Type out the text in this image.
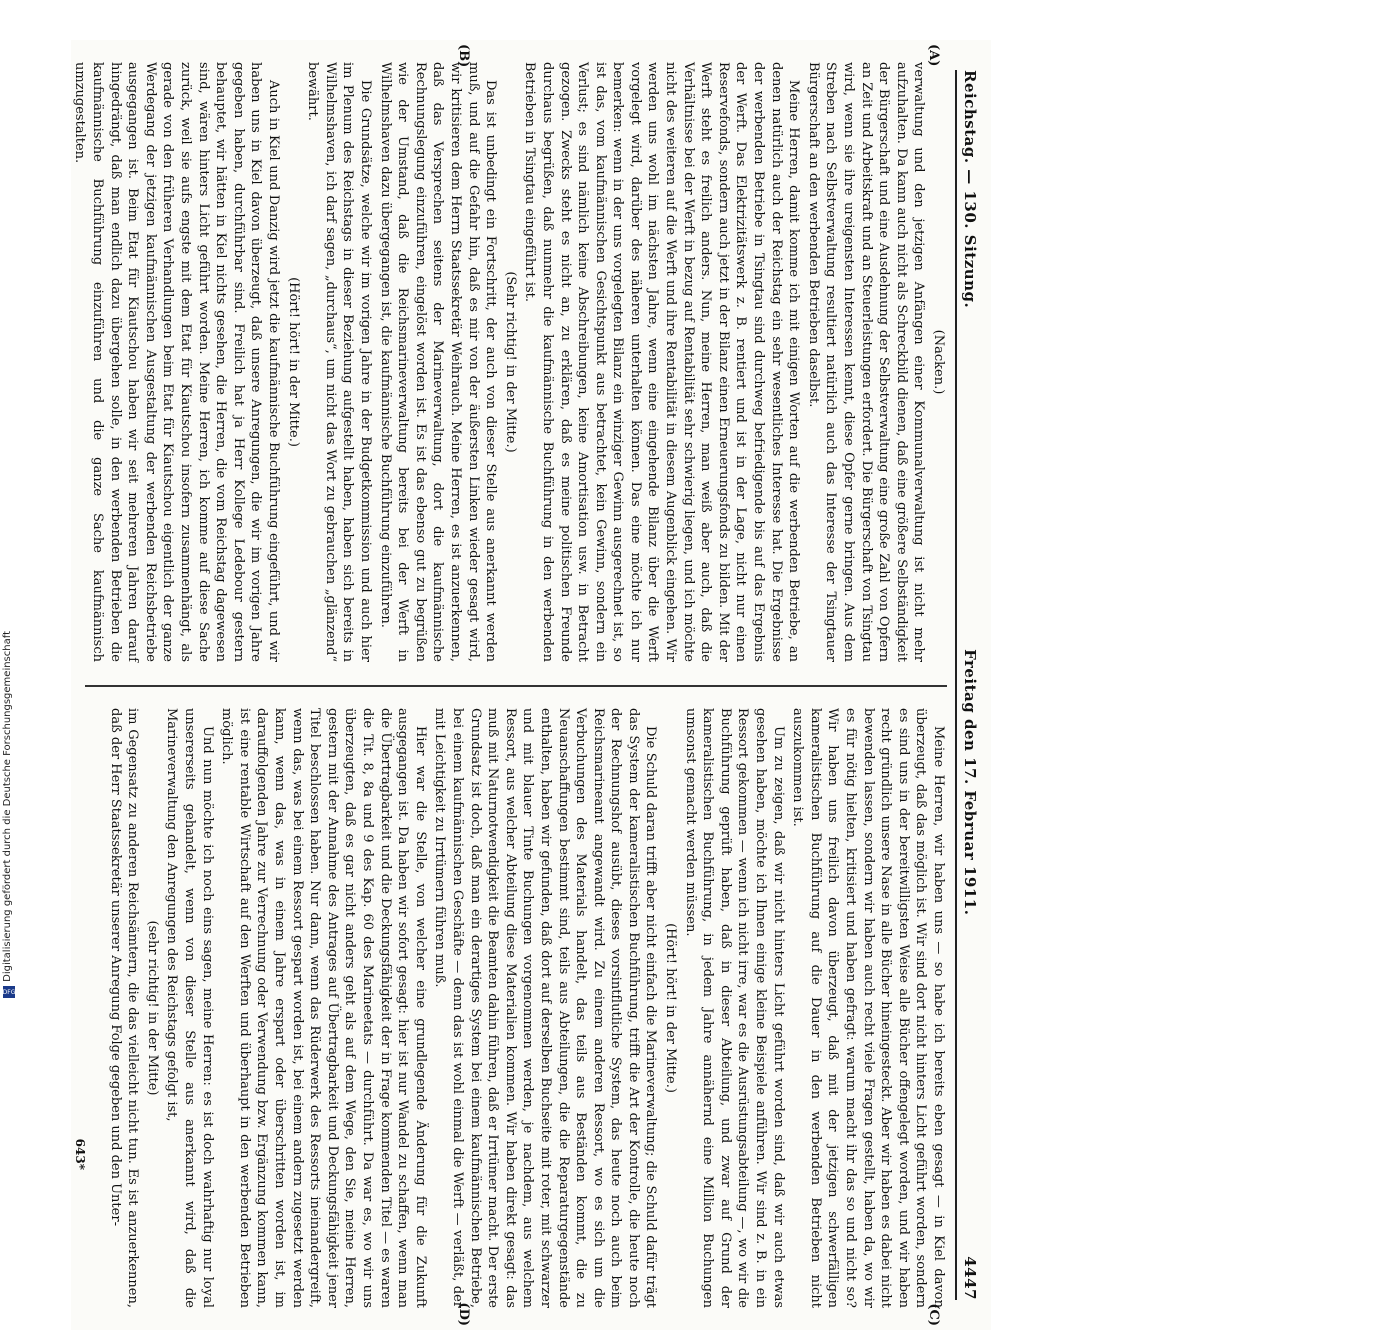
Reichstag. — 130. Sitzung.
Freitag den 17. Februar 1911.
4447
(A)
(B)
(C)
(D)

(Nacken.)

verwaltung und den jetzigen Anfängen einer Kommunalverwaltung ist nicht mehr aufzuhalten. Da kann auch nicht als Schreckbild dienen, daß eine größere Selbständigkeit der Bürgerschaft und eine Ausdehnung der Selbstverwaltung eine große Zahl von Opfern an Zeit und Arbeitskraft und an Steuerleistungen erfordert. Die Bürgerschaft von Tsingtau wird, wenn sie ihre ureigensten Interessen kennt, diese Opfer gerne bringen. Aus dem Streben nach Selbstverwaltung resultiert natürlich auch das Interesse der Tsingtauer Bürgerschaft an den werbenden Betrieben daselbst.

Meine Herren, damit komme ich mit einigen Worten auf die werbenden Betriebe, an denen natürlich auch der Reichstag ein sehr wesentliches Interesse hat. Die Ergebnisse der werbenden Betriebe in Tsingtau sind durchweg befriedigende bis auf das Ergebnis der Werft. Das Elektrizitätswerk z. B. rentiert und ist in der Lage, nicht nur einen Reservefonds, sondern auch jetzt in der Bilanz einen Erneuerungsfonds zu bilden. Mit der Werft steht es freilich anders. Nun, meine Herren, man weiß aber auch, daß die Verhältnisse bei der Werft in bezug auf Rentabilität sehr schwierig liegen, und ich möchte nicht des weiteren auf die Werft und ihre Rentabilität in diesem Augenblick eingehen. Wir werden uns wohl im nächsten Jahre, wenn eine eingehende Bilanz über die Werft vorgelegt wird, darüber des näheren unterhalten können. Das eine möchte ich nur bemerken: wenn in der uns vorgelegten Bilanz ein winziger Gewinn ausgerechnet ist, so ist das, vom kaufmännischen Gesichtspunkt aus betrachtet, kein Gewinn, sondern ein Verlust; es sind nämlich keine Abschreibungen, keine Amortisation usw. in Betracht gezogen. Zwecks steht es nicht an, zu erklären, daß es meine politischen Freunde durchaus begrüßen, daß nunmehr die kaufmännische Buchführung in den werbenden Betrieben in Tsingtau eingeführt ist.

(Sehr richtig! in der Mitte.)

Das ist unbedingt ein Fortschritt, der auch von dieser Stelle aus anerkannt werden muß, und auf die Gefahr hin, daß es mir von der äußersten Linken wieder gesagt wird, wir kritisieren dem Herrn Staatssekretär Weihrauch. Meine Herren, es ist anzuerkennen, daß das Versprechen seitens der Marineverwaltung, dort die kaufmännische Rechnungslegung einzuführen, eingelöst worden ist. Es ist das ebenso gut zu begrüßen wie der Umstand, daß die Reichsmarineverwaltung bereits bei der Werft in Wilhelmshaven dazu übergegangen ist, die kaufmännische Buchführung einzuführen.

Die Grundsätze, welche wir im vorigen Jahre in der Budgetkommission und auch hier im Plenum des Reichstags in dieser Beziehung aufgestellt haben, haben sich bereits in Wilhelmshaven, ich darf sagen, „durchaus“, um nicht das Wort zu gebrauchen „glänzend“ bewährt.

(Hört! hört! in der Mitte.)

Auch in Kiel und Danzig wird jetzt die kaufmännische Buchführung eingeführt, und wir haben uns in Kiel davon überzeugt, daß unsere Anregungen, die wir im vorigen Jahre gegeben haben, durchführbar sind. Freilich hat ja Herr Kollege Ledebour gestern behauptet, wir hätten in Kiel nichts gesehen, die Herren, die vom Reichstag dagewesen sind, wären hinters Licht geführt worden. Meine Herren, ich komme auf diese Sache zurück, weil sie aufs engste mit dem Etat für Kiautschou insofern zusammenhängt, als gerade von den früheren Verhandlungen beim Etat für Kiautschou eigentlich der ganze Werdegang der jetzigen kaufmännischen Ausgestaltung der werbenden Reichsbetriebe ausgegangen ist. Beim Etat für Kiautschou haben wir seit mehreren Jahren darauf hingedrängt, daß man endlich dazu übergehen solle, in den werbenden Betrieben die kaufmännische Buchführung einzuführen und die ganze Sache kaufmännisch umzugestalten.

Meine Herren, wir haben uns — so habe ich bereits eben gesagt — in Kiel davon überzeugt, daß das möglich ist. Wir sind dort nicht hinters Licht geführt worden, sondern es sind uns in der bereitwilligsten Weise alle Bücher offengelegt worden, und wir haben recht gründlich unsere Nase in alle Bücher hineingesteckt. Aber wir haben es dabei nicht bewenden lassen, sondern wir haben auch recht viele Fragen gestellt, haben da, wo wir es für nötig hielten, kritisiert und haben gefragt: warum macht ihr das so und nicht so? Wir haben uns freilich davon überzeugt, daß mit der jetzigen schwerfälligen kameralistischen Buchführung auf die Dauer in den werbenden Betrieben nicht auszukommen ist.

Um zu zeigen, daß wir nicht hinters Licht geführt worden sind, daß wir auch etwas gesehen haben, möchte ich Ihnen einige kleine Beispiele anführen. Wir sind z. B. in ein Ressort gekommen — wenn ich nicht irre, war es die Ausrüstungsabteilung —, wo wir die Buchführung geprüft haben, daß in dieser Abteilung, und zwar auf Grund der kameralistischen Buchführung, in jedem Jahre annähernd eine Million Buchungen umsonst gemacht werden müssen.

(Hört! hört! in der Mitte.)

Die Schuld daran trifft aber nicht einfach die Marineverwaltung; die Schuld dafür trägt das System der kameralistischen Buchführung, trifft die Art der Kontrolle, die heute noch der Rechnungshof ausübt, dieses vorsintflutliche System, das heute noch auch beim Reichsmarineamt angewandt wird. Zu einem anderen Ressort, wo es sich um die Verbuchungen des Materials handelt, das teils aus Beständen kommt, die zu Neuanschaffungen bestimmt sind, teils aus Abteilungen, die die Reparaturgegenstände enthalten, haben wir gefunden, daß dort auf derselben Buchseite mit roter, mit schwarzer und mit blauer Tinte Buchungen vorgenommen werden, je nachdem, aus welchem Ressort, aus welcher Abteilung diese Materialien kommen. Wir haben direkt gesagt: das muß mit Naturnotwendigkeit die Beamten dahin führen, daß er Irrtümer macht. Der erste Grundsatz ist doch, daß man ein derartiges System bei einem kaufmännischen Betriebe, bei einem kaufmännischen Geschäfte — denn das ist wohl einmal die Werft — verläßt, der mit Leichtigkeit zu Irrtümern führen muß.

Hier war die Stelle, von welcher eine grundlegende Änderung für die Zukunft ausgegangen ist. Da haben wir sofort gesagt: hier ist nur Wandel zu schaffen, wenn man die Übertragbarkeit und die Deckungsfähigkeit der in Frage kommenden Titel — es waren die Tit. 8, 8a und 9 des Kap. 60 des Marineetats — durchführt. Da war es, wo wir uns überzeugten, daß es gar nicht anders geht als auf dem Wege, den Sie, meine Herren, gestern mit der Annahme des Antrages auf Übertragbarkeit und Deckungsfähigkeit jener Titel beschlossen haben. Nur dann, wenn das Rüderwerk des Ressorts ineinandergreift, wenn das, was bei einem Ressort gespart worden ist, bei einem andern zugesetzt werden kann, wenn das, was in einem Jahre erspart oder überschritten worden ist, im darauffolgenden Jahre zur Verrechnung oder Verwendung bzw. Ergänzung kommen kann, ist eine rentable Wirtschaft auf den Werften und überhaupt in den werbenden Betrieben möglich.

Und nun möchte ich noch eins sagen, meine Herren: es ist doch wahrhaftig nur loyal unsererseits gehandelt, wenn von dieser Stelle aus anerkannt wird, daß die Marineverwaltung den Anregungen des Reichstags gefolgt ist,

(sehr richtig! in der Mitte)

im Gegensatz zu anderen Reichsämtern, die das vielleicht nicht tun. Es ist anzuerkennen, daß der Herr Staatssekretär unserer Anregung Folge gegeben und den Unter-

643*
Digitalisierung gefördert durch die Deutsche Forschungsgemeinschaft
DFG
